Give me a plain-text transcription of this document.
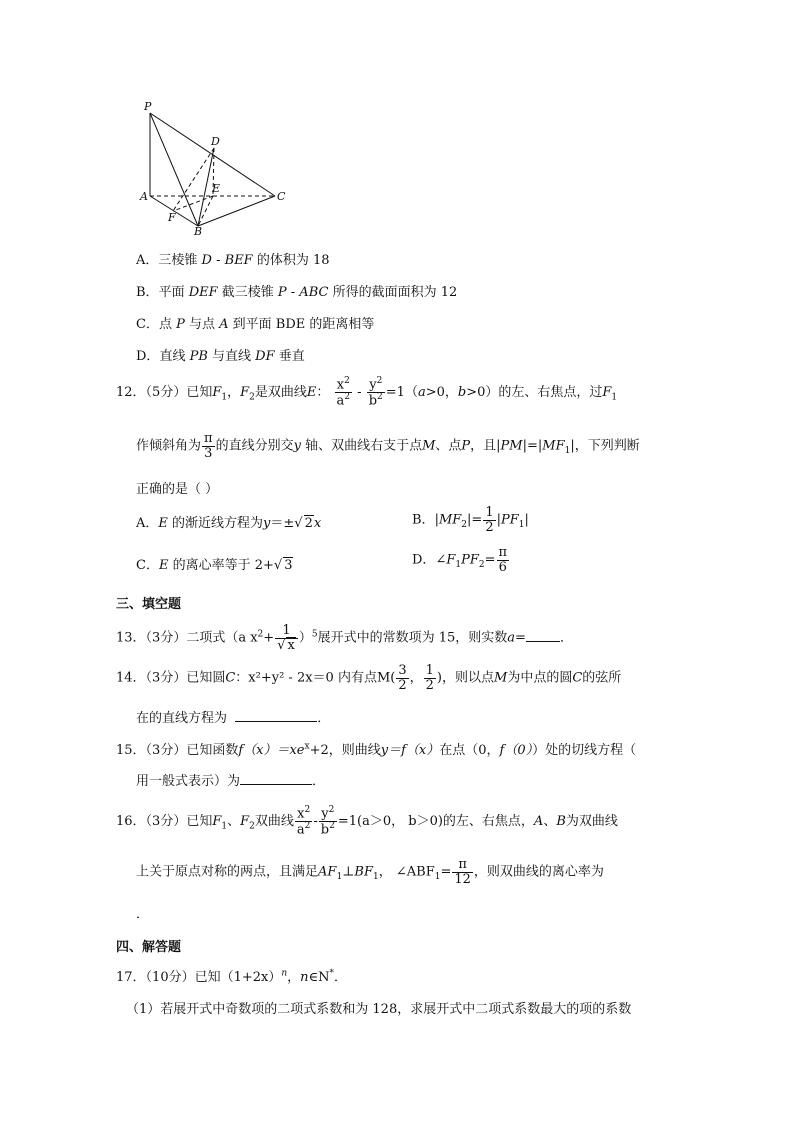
P
D
E
A
F
B
C
A．三棱锥 D - BEF 的体积为 18
B．平面 DEF 截三棱锥 P - ABC 所得的截面面积为 12
C．点 P 与点 A 到平面 BDE 的距离相等
D．直线 PB 与直线 DF 垂直
12．（5分）已知$F_1$，$F_2$是双曲线E： $\frac{x^2}{a^2} - \frac{y^2}{b^2} =1(a>0$，b>0）的左、右焦点，过$F_1$
作倾斜角为 $\frac{\pi}{3}$ 的直线分别交y 轴、双曲线右支于点M、点P，且$|PM|=|MF_1|$，下列判断
正确的是（ ）
A．E 的渐近线方程为y＝±√ 2x	B．$|MF_2|= \frac{1}{2} |PF_1|$
C．E 的离心率等于 2+√ 3	D．$\angle F_1PF_2= \frac{\pi}{6}$
三、填空题
13．（3分）二项式（a $x^2+ \frac{1}{√ x} )^5$展开式中的常数项为 15，则实数a=	．
14．（3分）已知圆C：x²+y² - 2x＝0 内有点$M( \frac{3}{2}$ ， $\frac{1}{2}$ )，则以点M为中点的圆C的弦所
在的直线方程为	．
15．（3分）已知函数$f(x)=xe^x+2$，则曲线y＝f（x）在点（0，f（0））处的切线方程（
用一般式表示）为	．
16．（3分）已知$F_1$、$F_2$双曲线 $\frac{x^2}{a^2} - \frac{y^2}{b^2} =1(a>0$， b＞0)的左、右焦点，A、B为双曲线
上关于原点对称的两点，且满足$AF_1\perp BF_1$， $\angle ABF_1= \frac{\pi}{12}$ ，则双曲线的离心率为
．
四、解答题
17．（10分）已知$(1+2x)^n$，n∈N*．
（1）若展开式中奇数项的二项式系数和为 128，求展开式中二项式系数最大的项的系数
